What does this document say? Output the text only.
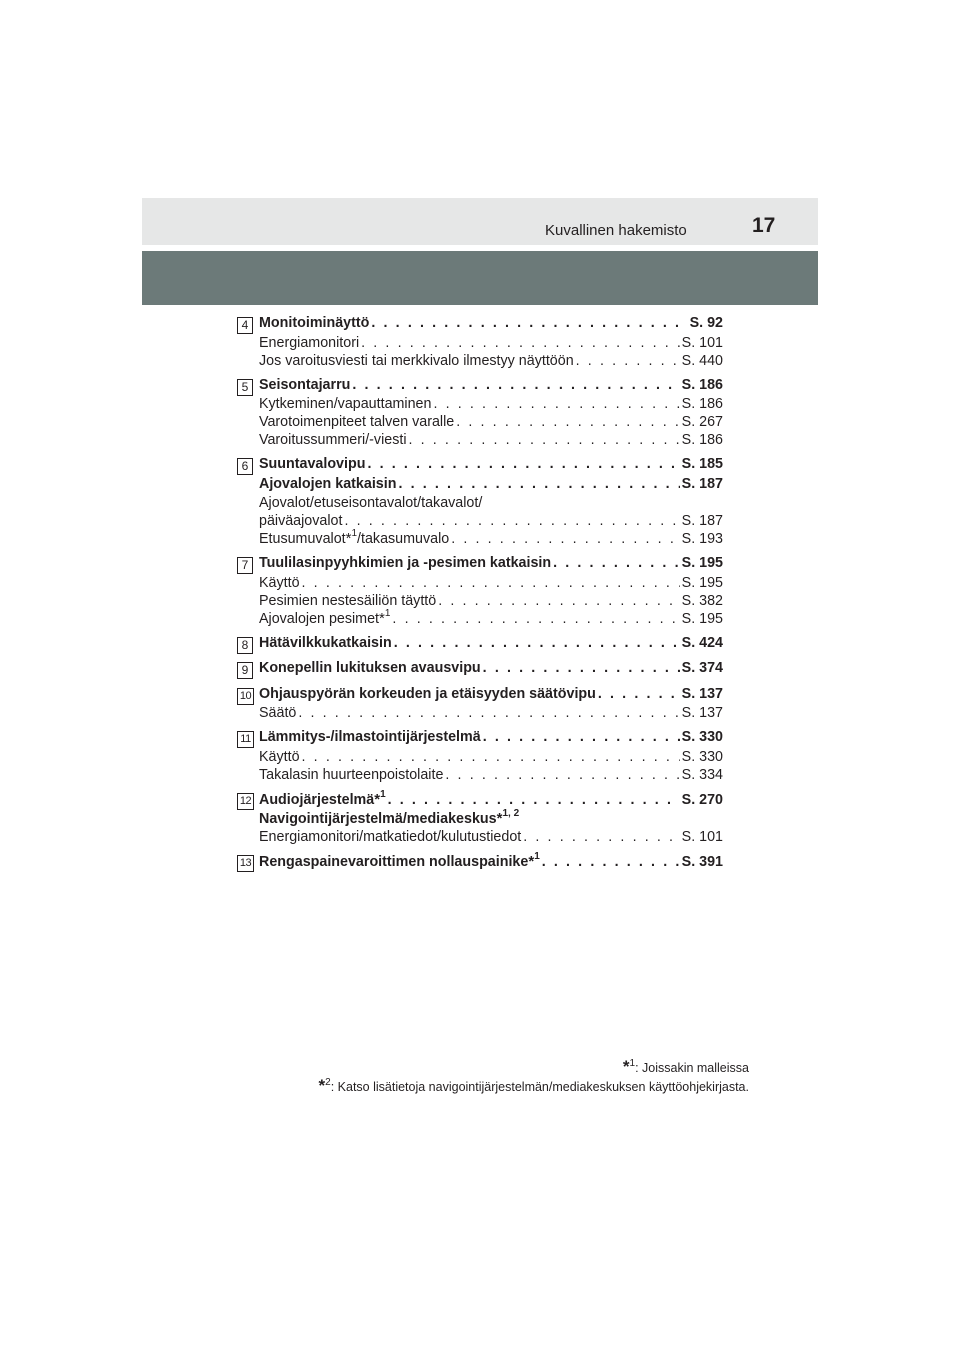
Kuvallinen hakemisto	17
4 Monitoiminäyttö . . .	S. 92
Energiamonitori . . .	S. 101
Jos varoitusviesti tai merkkivalo ilmestyy näyttöön . . .	S. 440
5 Seisontajarru . . .	S. 186
Kytkeminen/vapauttaminen . . .	S. 186
Varotoimenpiteet talven varalle . . .	S. 267
Varoitussummeri/-viesti . . .	S. 186
6 Suuntavalovipu . . .	S. 185
Ajovalojen katkaisin . . .	S. 187
Ajovalot/etuseisontavalot/takavalot/
päiväajovalot . . .	S. 187
Etusumuvalot*$^1$/takasumuvalo . . .	S. 193
7 Tuulilasinpyyhkimien ja -pesimen katkaisin . . .	S. 195
Käyttö . . .	S. 195
Pesimien nestesäiliön täyttö . . .	S. 382
Ajovalojen pesimet*$^1$ . . .	S. 195
8 Hätävilkkukatkaisin . . .	S. 424
9 Konepellin lukituksen avausvipu . . .	S. 374
10 Ohjauspyörän korkeuden ja etäisyyden säätövipu . . .	S. 137
Säätö . . .	S. 137
11 Lämmitys-/ilmastointijärjestelmä . . .	S. 330
Käyttö . . .	S. 330
Takalasin huurteenpoistolaite . . .	S. 334
12 Audiojärjestelmä*$^1$ . . .	S. 270
Navigointijärjestelmä/mediakeskus*$^{1, 2}$
Energiamonitori/matkatiedot/kulutustiedot . . .	S. 101
13 Rengaspainevaroittimen nollauspainike*$^1$ . . .	S. 391
*$^1$: Joissakin malleissa
*$^2$: Katso lisätietoja navigointijärjestelmän/mediakeskuksen käyttöohjekirjasta.
